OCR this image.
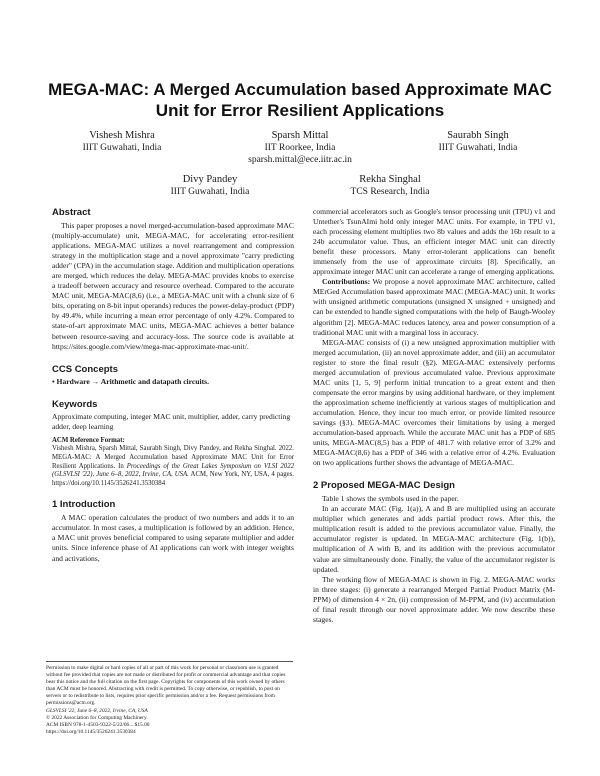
MEGA-MAC: A Merged Accumulation based Approximate MAC Unit for Error Resilient Applications
Vishesh Mishra
IIIT Guwahati, India
Sparsh Mittal
IIT Roorkee, India
sparsh.mittal@ece.iitr.ac.in
Saurabh Singh
IIIT Guwahati, India
Divy Pandey
IIIT Guwahati, India
Rekha Singhal
TCS Research, India
Abstract

This paper proposes a novel merged-accumulation-based approximate MAC (multiply-accumulate) unit, MEGA-MAC, for accelerating error-resilient applications. MEGA-MAC utilizes a novel rearrangement and compression strategy in the multiplication stage and a novel approximate "carry predicting adder" (CPA) in the accumulation stage. Addition and multiplication operations are merged, which reduces the delay. MEGA-MAC provides knobs to exercise a tradeoff between accuracy and resource overhead. Compared to the accurate MAC unit, MEGA-MAC(8,6) (i.e., a MEGA-MAC unit with a chunk size of 6 bits, operating on 8-bit input operands) reduces the power-delay-product (PDP) by 49.4%, while incurring a mean error percentage of only 4.2%. Compared to state-of-art approximate MAC units, MEGA-MAC achieves a better balance between resource-saving and accuracy-loss. The source code is available at https://sites.google.com/view/mega-mac-approximate-mac-unit/.

CCS Concepts

• Hardware → Arithmetic and datapath circuits.

Keywords

Approximate computing, integer MAC unit, multiplier, adder, carry predicting adder, deep learning

ACM Reference Format:
Vishesh Mishra, Sparsh Mittal, Saurabh Singh, Divy Pandey, and Rekha Singhal. 2022. MEGA-MAC: A Merged Accumulation based Approximate MAC Unit for Error Resilient Applications. In Proceedings of the Great Lakes Symposium on VLSI 2022 (GLSVLSI '22), June 6–8, 2022, Irvine, CA, USA. ACM, New York, NY, USA, 4 pages. https://doi.org/10.1145/3526241.3530384
1 Introduction

A MAC operation calculates the product of two numbers and adds it to an accumulator. In most cases, a multiplication is followed by an addition. Hence, a MAC unit proves beneficial compared to using separate multiplier and adder units. Since inference phase of AI applications can work with integer weights and activations,

Permission to make digital or hard copies of all or part of this work for personal or classroom use is granted without fee provided that copies are not made or distributed for profit or commercial advantage and that copies bear this notice and the full citation on the first page. Copyrights for components of this work owned by others than ACM must be honored. Abstracting with credit is permitted. To copy otherwise, or republish, to post on servers or to redistribute to lists, requires prior specific permission and/or a fee. Request permissions from permissions@acm.org.

GLSVLSI '22, June 6–8, 2022, Irvine, CA, USA

© 2022 Association for Computing Machinery.

ACM ISBN 978-1-4503-9322-5/22/06... $15.00

https://doi.org/10.1145/3526241.3530384

commercial accelerators such as Google's tensor processing unit (TPU) v1 and Untether's TsunAImi hold only integer MAC units. For example, in TPU v1, each processing element multiplies two 8b values and adds the 16b result to a 24b accumulator value. Thus, an efficient integer MAC unit can directly benefit these processors. Many error-tolerant applications can benefit immensely from the use of approximate circuits [8]. Specifically, an approximate integer MAC unit can accelerate a range of emerging applications.

Contributions: We propose a novel approximate MAC architecture, called MErGed Accumulation based approximate MAC (MEGA-MAC) unit. It works with unsigned arithmetic computations (unsigned X unsigned + unsigned) and can be extended to handle signed computations with the help of Baugh-Wooley algorithm [2]. MEGA-MAC reduces latency, area and power consumption of a traditional MAC unit with a marginal loss in accuracy.

MEGA-MAC consists of (i) a new unsigned approximation multiplier with merged accumulation, (ii) an novel approximate adder, and (iii) an accumulator register to store the final result (§2). MEGA-MAC extensively performs merged accumulation of previous accumulated value. Previous approximate MAC units [1, 5, 9] perform initial truncation to a great extent and then compensate the error margins by using additional hardware, or they implement the approximation scheme inefficiently at various stages of multiplication and accumulation. Hence, they incur too much error, or provide limited resource savings (§3). MEGA-MAC overcomes their limitations by using a merged accumulation-based approach. While the accurate MAC unit has a PDP of 685 units, MEGA-MAC(8,5) has a PDP of 481.7 with relative error of 3.2% and MEGA-MAC(8,6) has a PDP of 346 with a relative error of 4.2%. Evaluation on two applications further shows the advantage of MEGA-MAC.

2 Proposed MEGA-MAC Design

Table 1 shows the symbols used in the paper.

In an accurate MAC (Fig. 1(a)), A and B are multiplied using an accurate multiplier which generates and adds partial product rows. After this, the multiplication result is added to the previous accumulator value. Finally, the accumulator register is updated. In MEGA-MAC architecture (Fig. 1(b)), multiplication of A with B, and its addition with the previous accumulator value are simultaneously done. Finally, the value of the accumulator register is updated.

The working flow of MEGA-MAC is shown in Fig. 2. MEGA-MAC works in three stages: (i) generate a rearranged Merged Partial Product Matrix (M-PPM) of dimension 4 × 2n, (ii) compression of M-PPM, and (iv) accumulation of final result through our novel approximate adder. We now describe these stages.
